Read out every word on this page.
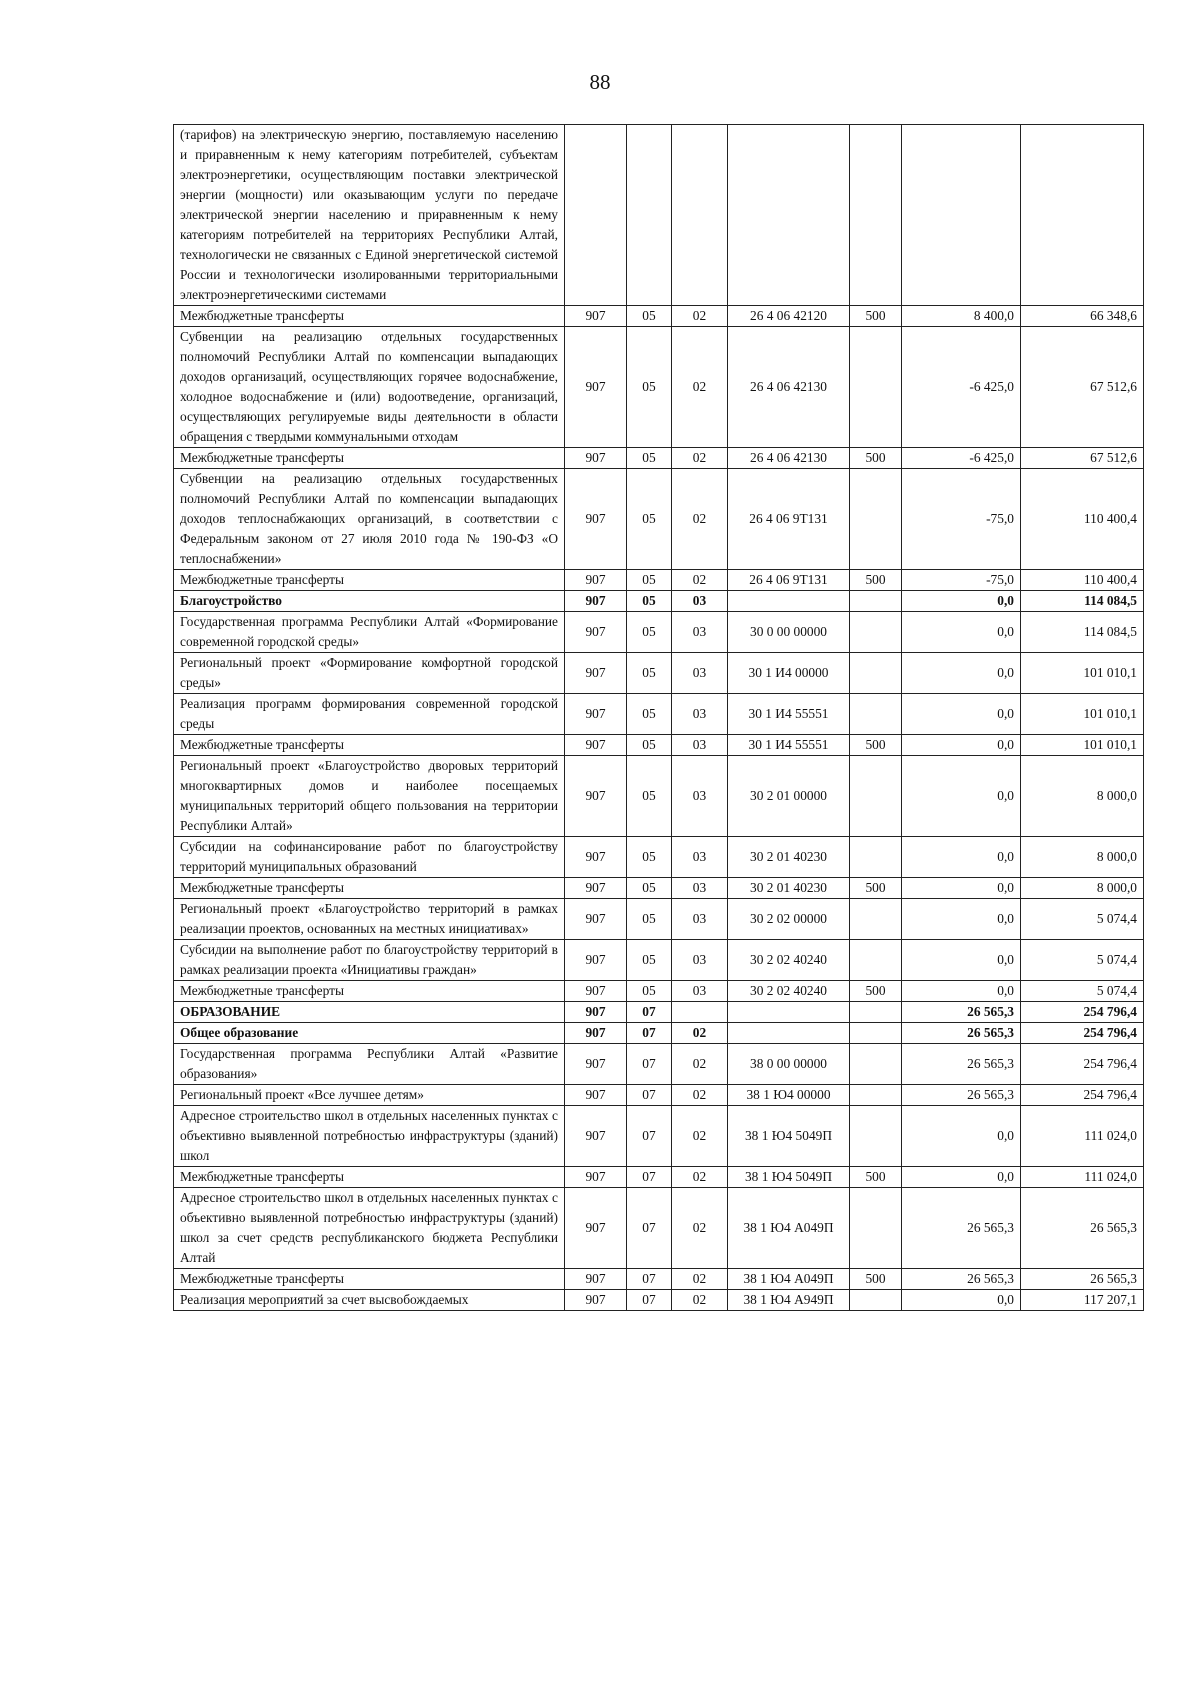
88
(тарифов) на электрическую энергию, поставляемую населению и приравненным к нему категориям потребителей, субъектам электроэнергетики, осуществляющим поставки электрической энергии (мощности) или оказывающим услуги по передаче электрической энергии населению и приравненным к нему категориям потребителей на территориях Республики Алтай, технологически не связанных с Единой энергетической системой России и технологически изолированными территориальными электроэнергетическими системами							
Межбюджетные трансферты	907	05	02	26 4 06 42120	500	8 400,0	66 348,6
Субвенции на реализацию отдельных государственных полномочий Республики Алтай по компенсации выпадающих доходов организаций, осуществляющих горячее водоснабжение, холодное водоснабжение и (или) водоотведение, организаций, осуществляющих регулируемые виды деятельности в области обращения с твердыми коммунальными отходам	907	05	02	26 4 06 42130		-6 425,0	67 512,6
Межбюджетные трансферты	907	05	02	26 4 06 42130	500	-6 425,0	67 512,6
Субвенции на реализацию отдельных государственных полномочий Республики Алтай по компенсации выпадающих доходов теплоснабжающих организаций, в соответствии с Федеральным законом от 27 июля 2010 года № 190-ФЗ «О теплоснабжении»	907	05	02	26 4 06 9Т131		-75,0	110 400,4
Межбюджетные трансферты	907	05	02	26 4 06 9Т131	500	-75,0	110 400,4
Благоустройство	907	05	03			0,0	114 084,5
Государственная программа Республики Алтай «Формирование современной городской среды»	907	05	03	30 0 00 00000		0,0	114 084,5
Региональный проект «Формирование комфортной городской среды»	907	05	03	30 1 И4 00000		0,0	101 010,1
Реализация программ формирования современной городской среды	907	05	03	30 1 И4 55551		0,0	101 010,1
Межбюджетные трансферты	907	05	03	30 1 И4 55551	500	0,0	101 010,1
Региональный проект «Благоустройство дворовых территорий многоквартирных домов и наиболее посещаемых муниципальных территорий общего пользования на территории Республики Алтай»	907	05	03	30 2 01 00000		0,0	8 000,0
Субсидии на софинансирование работ по благоустройству территорий муниципальных образований	907	05	03	30 2 01 40230		0,0	8 000,0
Межбюджетные трансферты	907	05	03	30 2 01 40230	500	0,0	8 000,0
Региональный проект «Благоустройство территорий в рамках реализации проектов, основанных на местных инициативах»	907	05	03	30 2 02 00000		0,0	5 074,4
Субсидии на выполнение работ по благоустройству территорий в рамках реализации проекта «Инициативы граждан»	907	05	03	30 2 02 40240		0,0	5 074,4
Межбюджетные трансферты	907	05	03	30 2 02 40240	500	0,0	5 074,4
ОБРАЗОВАНИЕ	907	07				26 565,3	254 796,4
Общее образование	907	07	02			26 565,3	254 796,4
Государственная программа Республики Алтай «Развитие образования»	907	07	02	38 0 00 00000		26 565,3	254 796,4
Региональный проект «Все лучшее детям»	907	07	02	38 1 Ю4 00000		26 565,3	254 796,4
Адресное строительство школ в отдельных населенных пунктах с объективно выявленной потребностью инфраструктуры (зданий) школ	907	07	02	38 1 Ю4 5049П		0,0	111 024,0
Межбюджетные трансферты	907	07	02	38 1 Ю4 5049П	500	0,0	111 024,0
Адресное строительство школ в отдельных населенных пунктах с объективно выявленной потребностью инфраструктуры (зданий) школ за счет средств республиканского бюджета Республики Алтай	907	07	02	38 1 Ю4 А049П		26 565,3	26 565,3
Межбюджетные трансферты	907	07	02	38 1 Ю4 А049П	500	26 565,3	26 565,3
Реализация мероприятий за счет высвобождаемых	907	07	02	38 1 Ю4 А949П		0,0	117 207,1
